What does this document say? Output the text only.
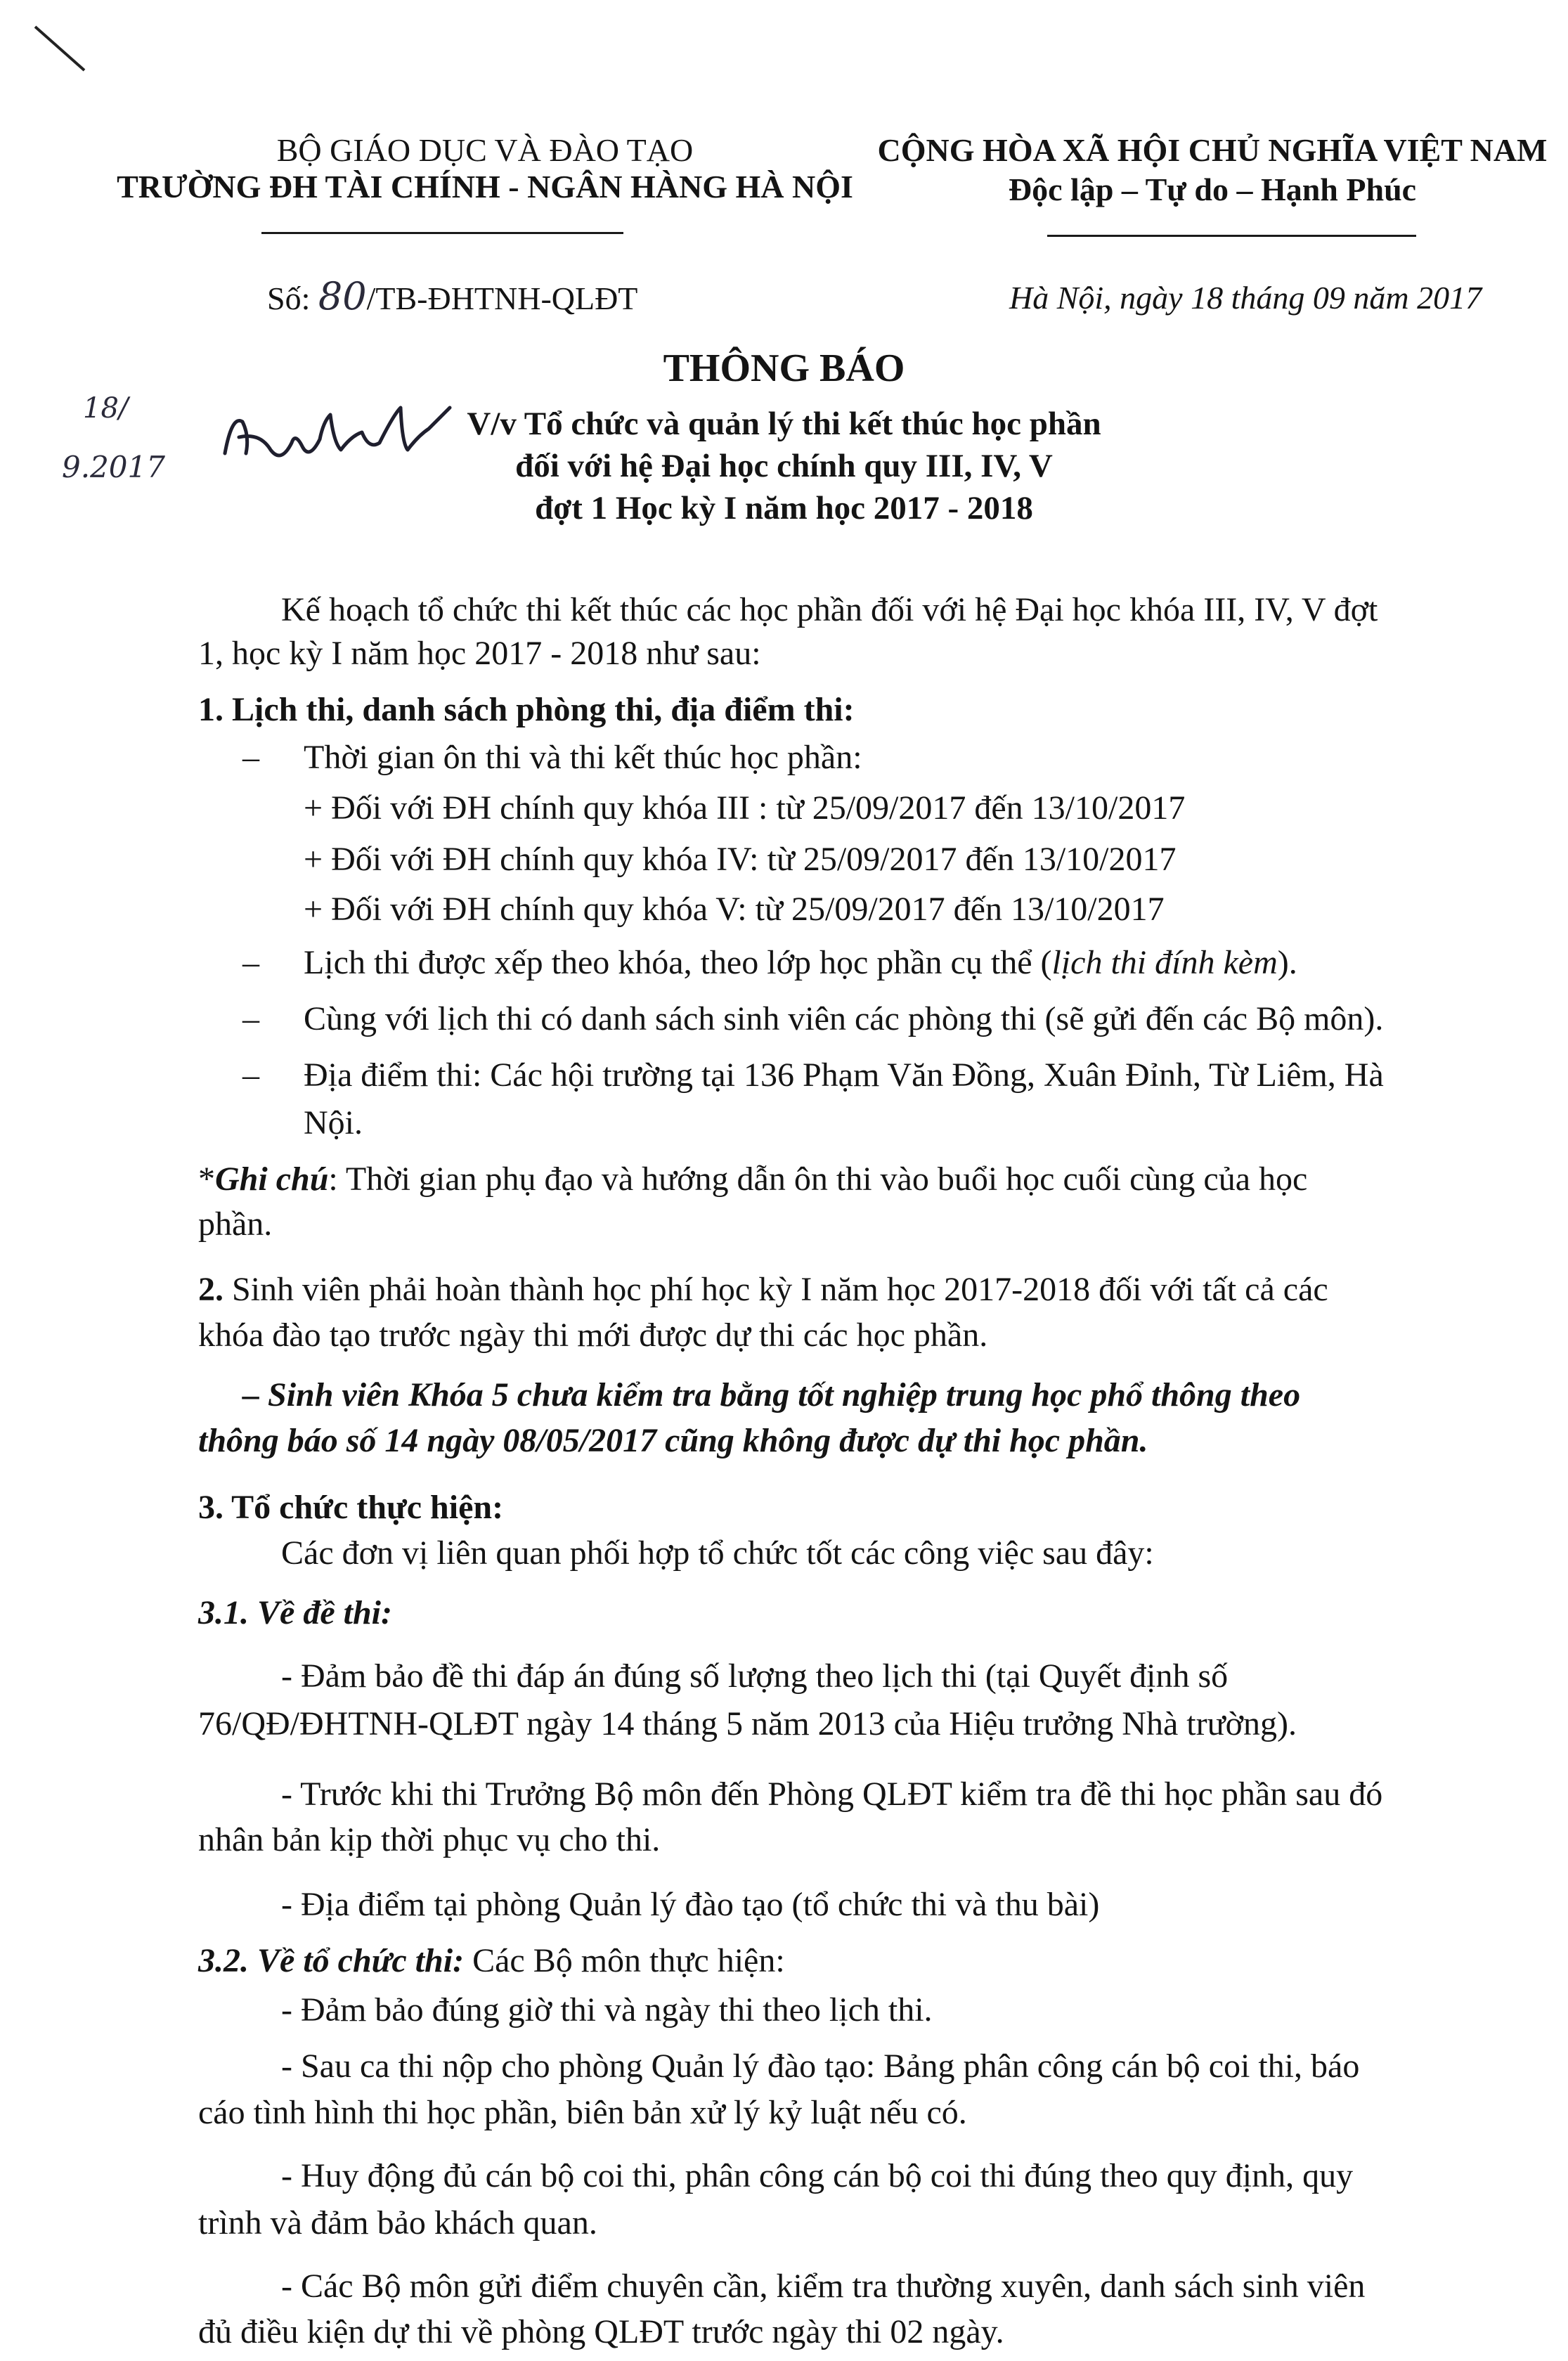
BỘ GIÁO DỤC VÀ ĐÀO TẠO
TRƯỜNG ĐH TÀI CHÍNH - NGÂN HÀNG HÀ NỘI
CỘNG HÒA XÃ HỘI CHỦ NGHĨA VIỆT NAM
Độc lập – Tự do – Hạnh Phúc
Số: 80/TB-ĐHTNH-QLĐT	Hà Nội, ngày 18 tháng 09 năm 2017
18/
9.2017
THÔNG BÁO
V/v Tổ chức và quản lý thi kết thúc học phần
đối với hệ Đại học chính quy III, IV, V
đợt 1 Học kỳ I năm học 2017 - 2018
Kế hoạch tổ chức thi kết thúc các học phần đối với hệ Đại học khóa III, IV, V đợt
1, học kỳ I năm học 2017 - 2018 như sau:
1. Lịch thi, danh sách phòng thi, địa điểm thi:
– Thời gian ôn thi và thi kết thúc học phần:
+ Đối với ĐH chính quy khóa III : từ 25/09/2017 đến 13/10/2017
+ Đối với ĐH chính quy khóa IV: từ 25/09/2017 đến 13/10/2017
+ Đối với ĐH chính quy khóa V: từ 25/09/2017 đến 13/10/2017
– Lịch thi được xếp theo khóa, theo lớp học phần cụ thể (lịch thi đính kèm).
– Cùng với lịch thi có danh sách sinh viên các phòng thi (sẽ gửi đến các Bộ môn).
– Địa điểm thi: Các hội trường tại 136 Phạm Văn Đồng, Xuân Đỉnh, Từ Liêm, Hà
Nội.
*Ghi chú: Thời gian phụ đạo và hướng dẫn ôn thi vào buổi học cuối cùng của học
phần.
2. Sinh viên phải hoàn thành học phí học kỳ I năm học 2017-2018 đối với tất cả các
khóa đào tạo trước ngày thi mới được dự thi các học phần.
– Sinh viên Khóa 5 chưa kiểm tra bằng tốt nghiệp trung học phổ thông theo
thông báo số 14 ngày 08/05/2017 cũng không được dự thi học phần.
3. Tổ chức thực hiện:
Các đơn vị liên quan phối hợp tổ chức tốt các công việc sau đây:
3.1. Về đề thi:
- Đảm bảo đề thi đáp án đúng số lượng theo lịch thi (tại Quyết định số
76/QĐ/ĐHTNH-QLĐT ngày 14 tháng 5 năm 2013 của Hiệu trưởng Nhà trường).
- Trước khi thi Trưởng Bộ môn đến Phòng QLĐT kiểm tra đề thi học phần sau đó
nhân bản kịp thời phục vụ cho thi.
- Địa điểm tại phòng Quản lý đào tạo (tổ chức thi và thu bài)
3.2. Về tổ chức thi: Các Bộ môn thực hiện:
- Đảm bảo đúng giờ thi và ngày thi theo lịch thi.
- Sau ca thi nộp cho phòng Quản lý đào tạo: Bảng phân công cán bộ coi thi, báo
cáo tình hình thi học phần, biên bản xử lý kỷ luật nếu có.
- Huy động đủ cán bộ coi thi, phân công cán bộ coi thi đúng theo quy định, quy
trình và đảm bảo khách quan.
- Các Bộ môn gửi điểm chuyên cần, kiểm tra thường xuyên, danh sách sinh viên
đủ điều kiện dự thi về phòng QLĐT trước ngày thi 02 ngày.
